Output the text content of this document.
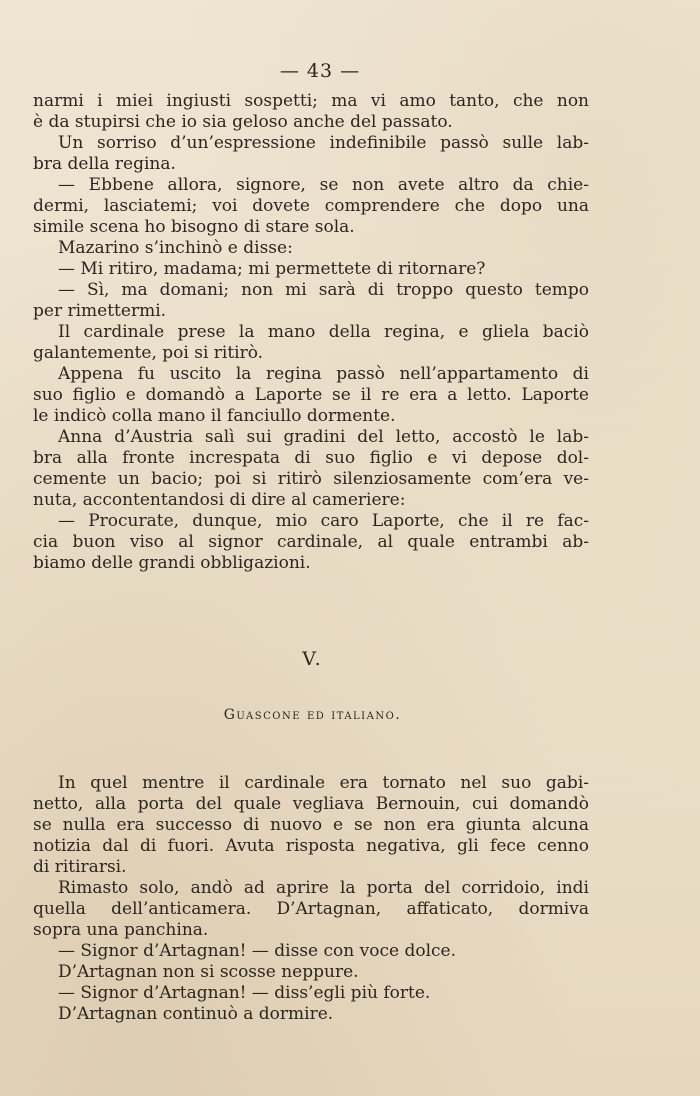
— 43 —
narmi i miei ingiusti sospetti; ma vi amo tanto, che non
è da stupirsi che io sia geloso anche del passato.
Un sorriso d’un’espressione indefinibile passò sulle lab-
bra della regina.
— Ebbene allora, signore, se non avete altro da chie-
dermi, lasciatemi; voi dovete comprendere che dopo una
simile scena ho bisogno di stare sola.
Mazarino s’inchinò e disse:
— Mi ritiro, madama; mi permettete di ritornare?
— Sì, ma domani; non mi sarà di troppo questo tempo
per rimettermi.
Il cardinale prese la mano della regina, e gliela baciò
galantemente, poi si ritirò.
Appena fu uscito la regina passò nell’appartamento di
suo figlio e domandò a Laporte se il re era a letto. Laporte
le indicò colla mano il fanciullo dormente.
Anna d’Austria salì sui gradini del letto, accostò le lab-
bra alla fronte increspata di suo figlio e vi depose dol-
cemente un bacio; poi si ritirò silenziosamente com’era ve-
nuta, accontentandosi di dire al cameriere:
— Procurate, dunque, mio caro Laporte, che il re fac-
cia buon viso al signor cardinale, al quale entrambi ab-
biamo delle grandi obbligazioni.
V.
Guascone ed italiano.
In quel mentre il cardinale era tornato nel suo gabi-
netto, alla porta del quale vegliava Bernouin, cui domandò
se nulla era successo di nuovo e se non era giunta alcuna
notizia dal di fuori. Avuta risposta negativa, gli fece cenno
di ritirarsi.
Rimasto solo, andò ad aprire la porta del corridoio, indi
quella dell’anticamera. D’Artagnan, affaticato, dormiva
sopra una panchina.
— Signor d’Artagnan! — disse con voce dolce.
D’Artagnan non si scosse neppure.
— Signor d’Artagnan! — diss’egli più forte.
D’Artagnan continuò a dormire.
